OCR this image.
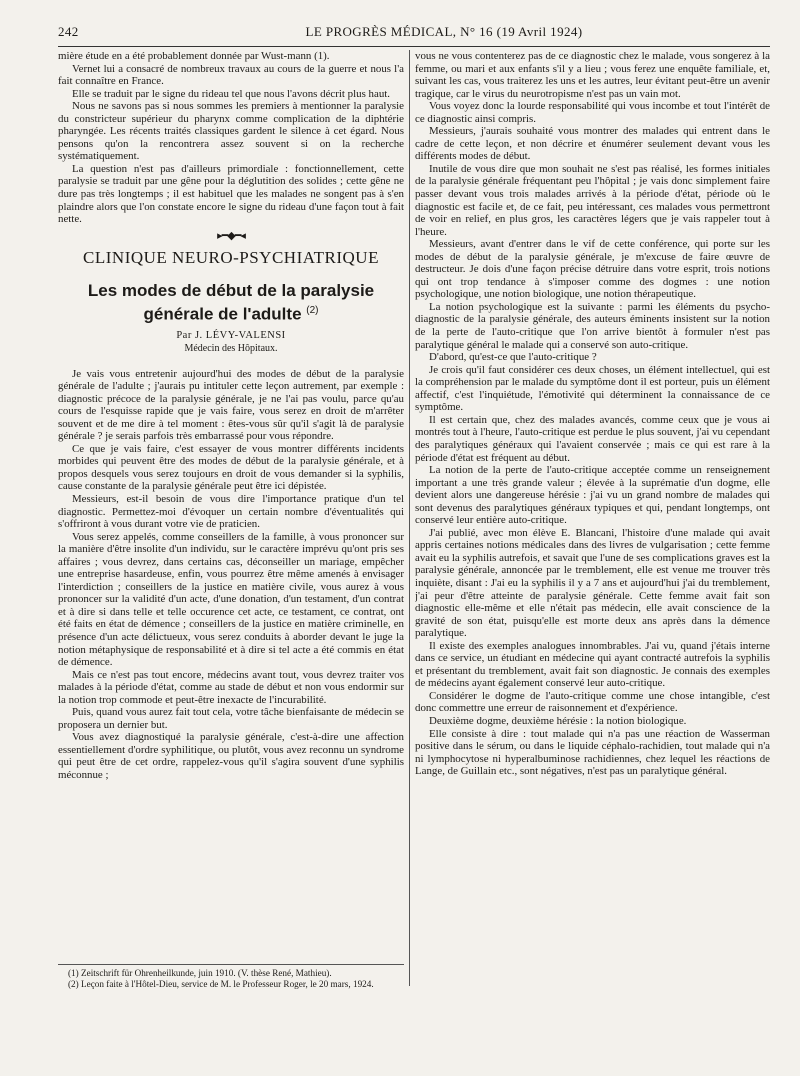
242	LE PROGRÈS MÉDICAL, N° 16 (19 Avril 1924)

mière étude en a été probablement donnée par Wust-mann (1).

Vernet lui a consacré de nombreux travaux au cours de la guerre et nous l'a fait connaître en France.

Elle se traduit par le signe du rideau tel que nous l'avons décrit plus haut.

Nous ne savons pas si nous sommes les premiers à mentionner la paralysie du constricteur supérieur du pharynx comme complication de la diphtérie pharyngée. Les récents traités classiques gardent le silence à cet égard. Nous pensons qu'on la rencontrera assez souvent si on la recherche systématiquement.

La question n'est pas d'ailleurs primordiale : fonctionnellement, cette paralysie se traduit par une gêne pour la déglutition des solides ; cette gêne ne dure pas très longtemps ; il est habituel que les malades ne songent pas à s'en plaindre alors que l'on constate encore le signe du rideau d'une façon tout à fait nette.

▸━◆━◂
CLINIQUE NEURO-PSYCHIATRIQUE
Les modes de début de la paralysie
générale de l'adulte $^{(2)}$
Par J. LÉVY-VALENSI
Médecin des Hôpitaux.

Je vais vous entretenir aujourd'hui des modes de début de la paralysie générale de l'adulte ; j'aurais pu intituler cette leçon autrement, par exemple : diagnostic précoce de la paralysie générale, je ne l'ai pas voulu, parce qu'au cours de l'esquisse rapide que je vais faire, vous serez en droit de m'arrêter souvent et de me dire à tel moment : êtes-vous sûr qu'il s'agit là de paralysie générale ? je serais parfois très embarrassé pour vous répondre.

Ce que je vais faire, c'est essayer de vous montrer différents incidents morbides qui peuvent être des modes de début de la paralysie générale, et à propos desquels vous serez toujours en droit de vous demander si la syphilis, cause constante de la paralysie générale peut être ici dépistée.

Messieurs, est-il besoin de vous dire l'importance pratique d'un tel diagnostic. Permettez-moi d'évoquer un certain nombre d'éventualités qui s'offriront à vous durant votre vie de praticien.

Vous serez appelés, comme conseillers de la famille, à vous prononcer sur la manière d'être insolite d'un individu, sur le caractère imprévu qu'ont pris ses affaires ; vous devrez, dans certains cas, déconseiller un mariage, empêcher une entreprise hasardeuse, enfin, vous pourrez être même amenés à envisager l'interdiction ; conseillers de la justice en matière civile, vous aurez à vous prononcer sur la validité d'un acte, d'une donation, d'un testament, d'un contrat et à dire si dans telle et telle occurence cet acte, ce testament, ce contrat, ont été faits en état de démence ; conseillers de la justice en matière criminelle, en présence d'un acte délictueux, vous serez conduits à aborder devant le juge la notion métaphysique de responsabilité et à dire si tel acte a été commis en état de démence.

Mais ce n'est pas tout encore, médecins avant tout, vous devrez traiter vos malades à la période d'état, comme au stade de début et non vous endormir sur la notion trop commode et peut-être inexacte de l'incurabilité.

Puis, quand vous aurez fait tout cela, votre tâche bienfaisante de médecin se proposera un dernier but.

Vous avez diagnostiqué la paralysie générale, c'est-à-dire une affection essentiellement d'ordre syphilitique, ou plutôt, vous avez reconnu un syndrome qui peut être de cet ordre, rappelez-vous qu'il s'agira souvent d'une syphilis méconnue ;

vous ne vous contenterez pas de ce diagnostic chez le malade, vous songerez à la femme, ou mari et aux enfants s'il y a lieu ; vous ferez une enquête familiale, et, suivant les cas, vous traiterez les uns et les autres, leur évitant peut-être un avenir tragique, car le virus du neurotropisme n'est pas un vain mot.

Vous voyez donc la lourde responsabilité qui vous incombe et tout l'intérêt de ce diagnostic ainsi compris.

Messieurs, j'aurais souhaité vous montrer des malades qui entrent dans le cadre de cette leçon, et non décrire et énumérer seulement devant vous les différents modes de début.

Inutile de vous dire que mon souhait ne s'est pas réalisé, les formes initiales de la paralysie générale fréquentant peu l'hôpital ; je vais donc simplement faire passer devant vous trois malades arrivés à la période d'état, période où le diagnostic est facile et, de ce fait, peu intéressant, ces malades vous permettront de voir en relief, en plus gros, les caractères légers que je vais rappeler tout à l'heure.

Messieurs, avant d'entrer dans le vif de cette conférence, qui porte sur les modes de début de la paralysie générale, je m'excuse de faire œuvre de destructeur. Je dois d'une façon précise détruire dans votre esprit, trois notions qui ont trop tendance à s'imposer comme des dogmes : une notion psychologique, une notion biologique, une notion thérapeutique.

La notion psychologique est la suivante : parmi les éléments du psycho-diagnostic de la paralysie générale, des auteurs éminents insistent sur la notion de la perte de l'auto-critique que l'on arrive bientôt à formuler n'est pas paralytique général le malade qui a conservé son auto-critique.

D'abord, qu'est-ce que l'auto-critique ?

Je crois qu'il faut considérer ces deux choses, un élément intellectuel, qui est la compréhension par le malade du symptôme dont il est porteur, puis un élément affectif, c'est l'inquiétude, l'émotivité qui déterminent la connaissance de ce symptôme.

Il est certain que, chez des malades avancés, comme ceux que je vous ai montrés tout à l'heure, l'auto-critique est perdue le plus souvent, j'ai vu cependant des paralytiques généraux qui l'avaient conservée ; mais ce qui est rare à la période d'état est fréquent au début.

La notion de la perte de l'auto-critique acceptée comme un renseignement important a une très grande valeur ; élevée à la suprématie d'un dogme, elle devient alors une dangereuse hérésie : j'ai vu un grand nombre de malades qui sont devenus des paralytiques généraux typiques et qui, pendant longtemps, ont conservé leur entière auto-critique.

J'ai publié, avec mon élève E. Blancani, l'histoire d'une malade qui avait appris certaines notions médicales dans des livres de vulgarisation ; cette femme avait eu la syphilis autrefois, et savait que l'une de ses complications graves est la paralysie générale, annoncée par le tremblement, elle est venue me trouver très inquiète, disant : J'ai eu la syphilis il y a 7 ans et aujourd'hui j'ai du tremblement, j'ai peur d'être atteinte de paralysie générale. Cette femme avait fait son diagnostic elle-même et elle n'était pas médecin, elle avait conscience de la gravité de son état, puisqu'elle est morte deux ans après dans la démence paralytique.

Il existe des exemples analogues innombrables. J'ai vu, quand j'étais interne dans ce service, un étudiant en médecine qui ayant contracté autrefois la syphilis et présentant du tremblement, avait fait son diagnostic. Je connais des exemples de médecins ayant également conservé leur auto-critique.

Considérer le dogme de l'auto-critique comme une chose intangible, c'est donc commettre une erreur de raisonnement et d'expérience.

Deuxième dogme, deuxième hérésie : la notion biologique.

Elle consiste à dire : tout malade qui n'a pas une réaction de Wasserman positive dans le sérum, ou dans le liquide céphalo-rachidien, tout malade qui n'a ni lymphocytose ni hyperalbuminose rachidiennes, chez lequel les réactions de Lange, de Guillain etc., sont négatives, n'est pas un paralytique général.

(1) Zeitschrift für Ohrenheilkunde, juin 1910. (V. thèse René, Mathieu).

(2) Leçon faite à l'Hôtel-Dieu, service de M. le Professeur Roger, le 20 mars, 1924.
